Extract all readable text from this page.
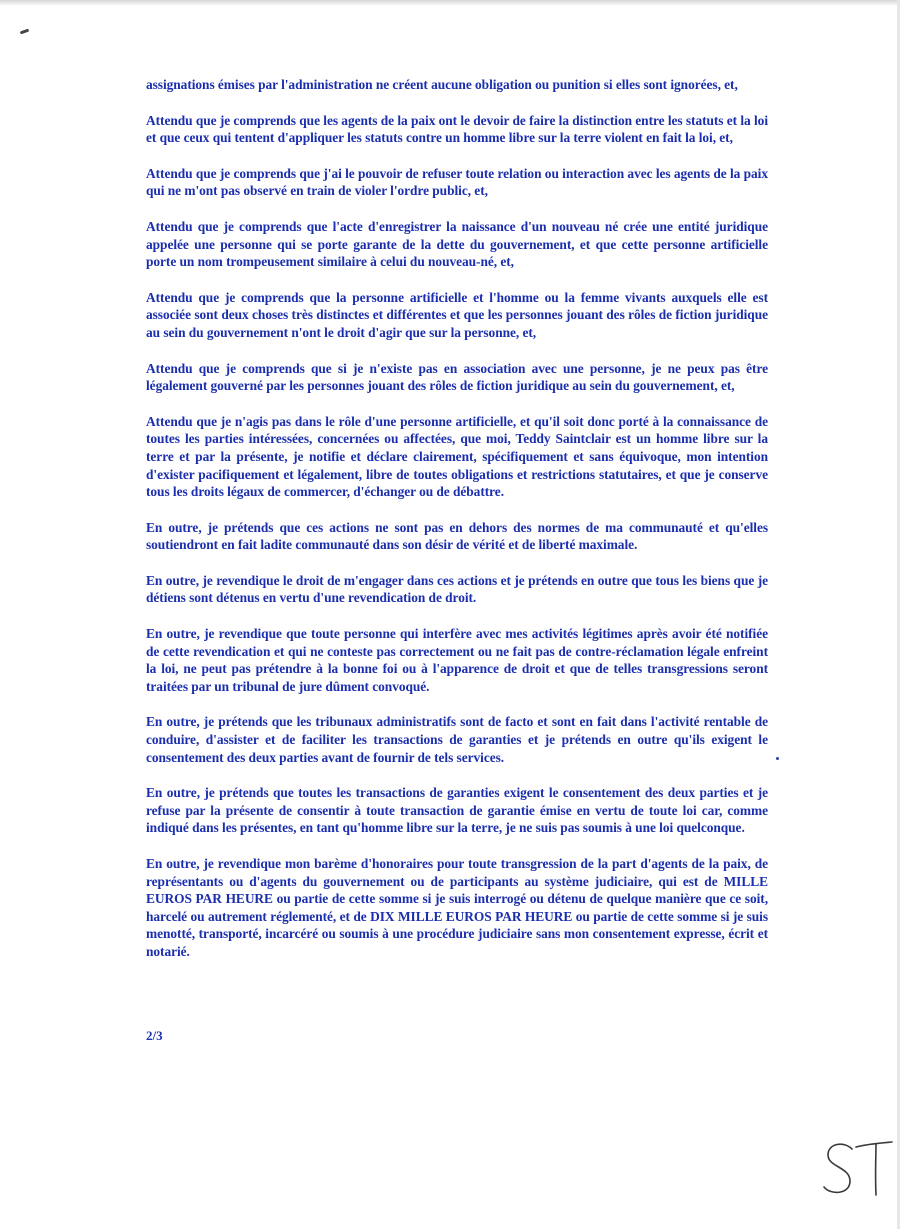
assignations émises par l'administration ne créent aucune obligation ou punition si elles sont ignorées, et,

Attendu que je comprends que les agents de la paix ont le devoir de faire la distinction entre les statuts et la loi et que ceux qui tentent d'appliquer les statuts contre un homme libre sur la terre violent en fait la loi, et,

Attendu que je comprends que j'ai le pouvoir de refuser toute relation ou interaction avec les agents de la paix qui ne m'ont pas observé en train de violer l'ordre public, et,

Attendu que je comprends que l'acte d'enregistrer la naissance d'un nouveau né crée une entité juridique appelée une personne qui se porte garante de la dette du gouvernement, et que cette personne artificielle porte un nom trompeusement similaire à celui du nouveau-né, et,

Attendu que je comprends que la personne artificielle et l'homme ou la femme vivants auxquels elle est associée sont deux choses très distinctes et différentes et que les personnes jouant des rôles de fiction juridique au sein du gouvernement n'ont le droit d'agir que sur la personne, et,

Attendu que je comprends que si je n'existe pas en association avec une personne, je ne peux pas être légalement gouverné par les personnes jouant des rôles de fiction juridique au sein du gouvernement, et,

Attendu que je n'agis pas dans le rôle d'une personne artificielle, et qu'il soit donc porté à la connaissance de toutes les parties intéressées, concernées ou affectées, que moi, Teddy Saintclair est un homme libre sur la terre et par la présente, je notifie et déclare clairement, spécifiquement et sans équivoque, mon intention d'exister pacifiquement et légalement, libre de toutes obligations et restrictions statutaires, et que je conserve tous les droits légaux de commercer, d'échanger ou de débattre.

En outre, je prétends que ces actions ne sont pas en dehors des normes de ma communauté et qu'elles soutiendront en fait ladite communauté dans son désir de vérité et de liberté maximale.

En outre, je revendique le droit de m'engager dans ces actions et je prétends en outre que tous les biens que je détiens sont détenus en vertu d'une revendication de droit.

En outre, je revendique que toute personne qui interfère avec mes activités légitimes après avoir été notifiée de cette revendication et qui ne conteste pas correctement ou ne fait pas de contre-réclamation légale enfreint la loi, ne peut pas prétendre à la bonne foi ou à l'apparence de droit et que de telles transgressions seront traitées par un tribunal de jure dûment convoqué.

En outre, je prétends que les tribunaux administratifs sont de facto et sont en fait dans l'activité rentable de conduire, d'assister et de faciliter les transactions de garanties et je prétends en outre qu'ils exigent le consentement des deux parties avant de fournir de tels services.

En outre, je prétends que toutes les transactions de garanties exigent le consentement des deux parties et je refuse par la présente de consentir à toute transaction de garantie émise en vertu de toute loi car, comme indiqué dans les présentes, en tant qu'homme libre sur la terre, je ne suis pas soumis à une loi quelconque.

En outre, je revendique mon barème d'honoraires pour toute transgression de la part d'agents de la paix, de représentants ou d'agents du gouvernement ou de participants au système judiciaire, qui est de MILLE EUROS PAR HEURE ou partie de cette somme si je suis interrogé ou détenu de quelque manière que ce soit, harcelé ou autrement réglementé, et de DIX MILLE EUROS PAR HEURE ou partie de cette somme si je suis menotté, transporté, incarcéré ou soumis à une procédure judiciaire sans mon consentement expresse, écrit et notarié.

2/3
